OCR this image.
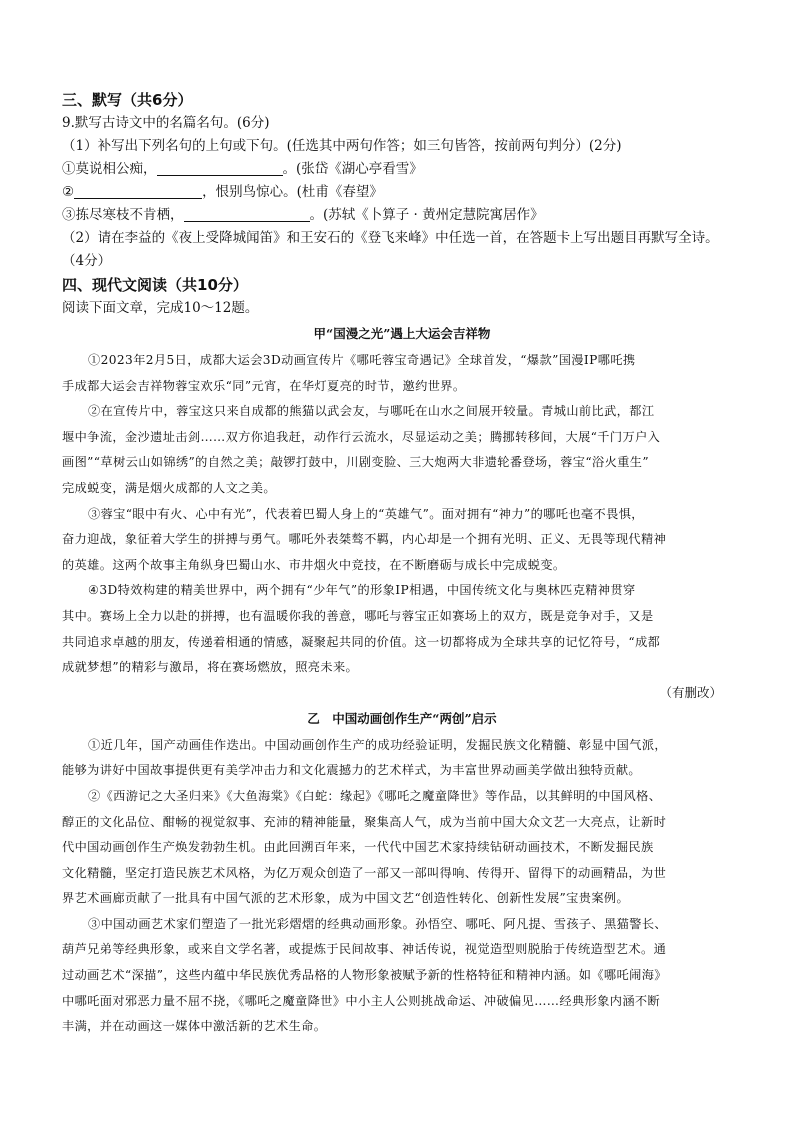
三、默写（共6分）
9.默写古诗文中的名篇名句。(6分)
（1）补写出下列名句的上句或下句。(任选其中两句作答；如三句皆答，按前两句判分）(2分)
①莫说相公痴，	。(张岱《湖心亭看雪》
②	，恨别鸟惊心。(杜甫《春望》
③拣尽寒枝不肯栖，	。(苏轼《卜算子 · 黄州定慧院寓居作》
（2）请在李益的《夜上受降城闻笛》和王安石的《登飞来峰》中任选一首，在答题卡上写出题目再默写全诗。
（4分）
四、现代文阅读（共10分）
阅读下面文章，完成10～12题。
甲“国漫之光”遇上大运会吉祥物
①2023年2月5日，成都大运会3D动画宣传片《哪吒蓉宝奇遇记》全球首发，“爆款”国漫IP哪吒携
手成都大运会吉祥物蓉宝欢乐“同”元宵，在华灯夏亮的时节，邀约世界。
②在宣传片中，蓉宝这只来自成都的熊猫以武会友，与哪吒在山水之间展开较量。青城山前比武，都江
堰中争流，金沙遗址击剑……双方你追我赶，动作行云流水，尽显运动之美；腾挪转移间，大展“千门万户入
画图”“草树云山如锦绣”的自然之美；敲锣打鼓中，川剧变脸、三大炮两大非遗轮番登场，蓉宝“浴火重生”
完成蜕变，满是烟火成都的人文之美。
③蓉宝“眼中有火、心中有光”，代表着巴蜀人身上的“英雄气”。面对拥有“神力”的哪吒也毫不畏惧，
奋力迎战，象征着大学生的拼搏与勇气。哪吒外表桀骜不羁，内心却是一个拥有光明、正义、无畏等现代精神
的英雄。这两个故事主角纵身巴蜀山水、市井烟火中竞技，在不断磨砺与成长中完成蜕变。
④3D特效构建的精美世界中，两个拥有“少年气”的形象IP相遇，中国传统文化与奥林匹克精神贯穿
其中。赛场上全力以赴的拼搏，也有温暖你我的善意，哪吒与蓉宝正如赛场上的双方，既是竞争对手，又是
共同追求卓越的朋友，传递着相通的情感，凝聚起共同的价值。这一切都将成为全球共享的记忆符号，“成都
成就梦想”的精彩与激昂，将在赛场燃放，照亮未来。
（有删改）
乙　中国动画创作生产“两创”启示
①近几年，国产动画佳作迭出。中国动画创作生产的成功经验证明，发掘民族文化精髓、彰显中国气派，
能够为讲好中国故事提供更有美学冲击力和文化震撼力的艺术样式，为丰富世界动画美学做出独特贡献。
②《西游记之大圣归来》《大鱼海棠》《白蛇：缘起》《哪吒之魔童降世》等作品，以其鲜明的中国风格、
醇正的文化品位、酣畅的视觉叙事、充沛的精神能量，聚集高人气，成为当前中国大众文艺一大亮点，让新时
代中国动画创作生产焕发勃勃生机。由此回溯百年来，一代代中国艺术家持续钻研动画技术，不断发掘民族
文化精髓，坚定打造民族艺术风格，为亿万观众创造了一部又一部叫得响、传得开、留得下的动画精品，为世
界艺术画廊贡献了一批具有中国气派的艺术形象，成为中国文艺“创造性转化、创新性发展”宝贵案例。
③中国动画艺术家们塑造了一批光彩熠熠的经典动画形象。孙悟空、哪吒、阿凡提、雪孩子、黑猫警长、
葫芦兄弟等经典形象，或来自文学名著，或提炼于民间故事、神话传说，视觉造型则脱胎于传统造型艺术。通
过动画艺术“深描”，这些内蕴中华民族优秀品格的人物形象被赋予新的性格特征和精神内涵。如《哪吒闹海》
中哪吒面对邪恶力量不屈不挠，《哪吒之魔童降世》中小主人公则挑战命运、冲破偏见……经典形象内涵不断
丰满，并在动画这一媒体中激活新的艺术生命。
